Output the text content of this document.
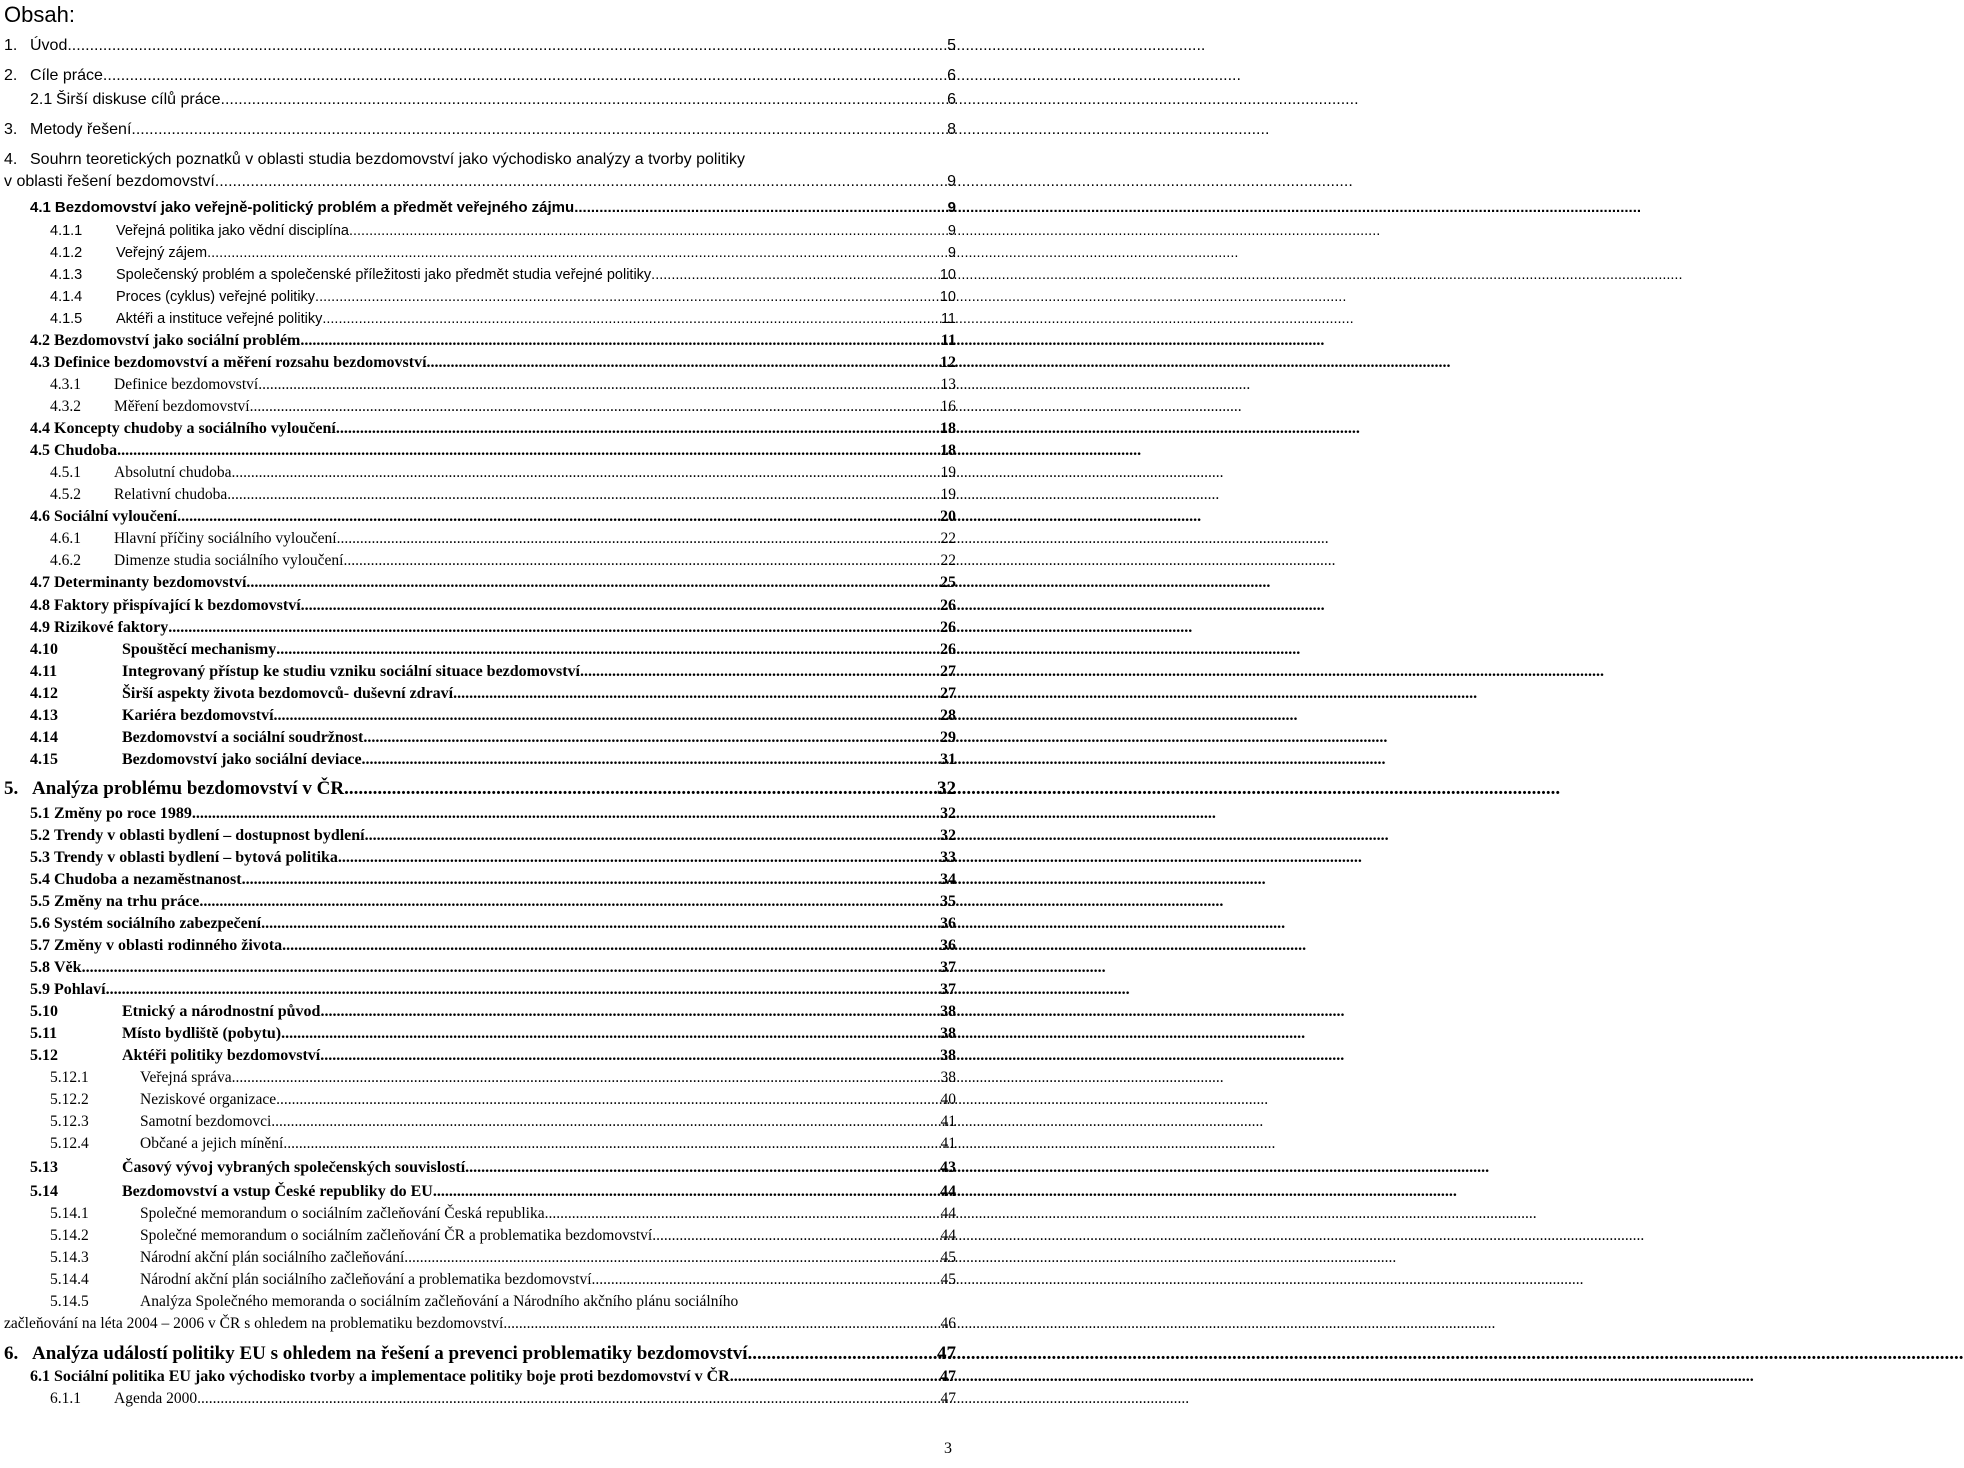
Obsah:
1. Úvod .....	5
2. Cíle práce .....	6
2.1 Širší diskuse cílů práce .....	6
3. Metody řešení .....	8
4. Souhrn teoretických poznatků v oblasti studia bezdomovství jako východisko analýzy a tvorby politiky
v oblasti řešení bezdomovství .....	9
4.1 Bezdomovství jako veřejně-politický problém a předmět veřejného zájmu .....	9
4.1.1	Veřejná politika jako vědní disciplína .....	9
4.1.2	Veřejný zájem .....	9
4.1.3	Společenský problém a společenské příležitosti jako předmět studia veřejné politiky .....	10
4.1.4	Proces (cyklus) veřejné politiky .....	10
4.1.5	Aktéři a instituce veřejné politiky .....	11
4.2 Bezdomovství jako sociální problém .....	11
4.3 Definice bezdomovství a měření rozsahu bezdomovství .....	12
4.3.1	Definice bezdomovství .....	13
4.3.2	Měření bezdomovství .....	16
4.4 Koncepty chudoby a sociálního vyloučení .....	18
4.5 Chudoba .....	18
4.5.1	Absolutní chudoba .....	19
4.5.2	Relativní chudoba .....	19
4.6 Sociální vyloučení .....	20
4.6.1	Hlavní příčiny sociálního vyloučení .....	22
4.6.2	Dimenze studia sociálního vyloučení .....	22
4.7 Determinanty bezdomovství .....	25
4.8 Faktory přispívající k bezdomovství .....	26
4.9 Rizikové faktory .....	26
4.10	Spouštěcí mechanismy .....	26
4.11	Integrovaný přístup ke studiu vzniku sociální situace bezdomovství .....	27
4.12	Širší aspekty života bezdomovců- duševní zdraví .....	27
4.13	Kariéra bezdomovství .....	28
4.14	Bezdomovství a sociální soudržnost .....	29
4.15	Bezdomovství jako sociální deviace .....	31
5. Analýza problému bezdomovství v ČR .....	32
5.1 Změny po roce 1989 .....	32
5.2 Trendy v oblasti bydlení – dostupnost bydlení .....	32
5.3 Trendy v oblasti bydlení – bytová politika .....	33
5.4 Chudoba a nezaměstnanost .....	34
5.5 Změny na trhu práce .....	35
5.6 Systém sociálního zabezpečení .....	36
5.7 Změny v oblasti rodinného života .....	36
5.8 Věk .....	37
5.9 Pohlaví .....	37
5.10	Etnický a národnostní původ .....	38
5.11	Místo bydliště (pobytu) .....	38
5.12	Aktéři politiky bezdomovství .....	38
5.12.1	Veřejná správa .....	38
5.12.2	Neziskové organizace .....	40
5.12.3	Samotní bezdomovci .....	41
5.12.4	Občané a jejich mínění .....	41
5.13	Časový vývoj vybraných společenských souvislostí .....	43
5.14	Bezdomovství a vstup České republiky do EU .....	44
5.14.1	Společné memorandum o sociálním začleňování Česká republika .....	44
5.14.2	Společné memorandum o sociálním začleňování ČR a problematika bezdomovství .....	44
5.14.3	Národní akční plán sociálního začleňování .....	45
5.14.4	Národní akční plán sociálního začleňování a problematika bezdomovství .....	45
5.14.5	Analýza Společného memoranda o sociálním začleňování a Národního akčního plánu sociálního
začleňování na léta 2004 – 2006 v ČR s ohledem na problematiku bezdomovství .....	46
6. Analýza událostí politiky EU s ohledem na řešení a prevenci problematiky bezdomovství .....	47
6.1 Sociální politika EU jako východisko tvorby a implementace politiky boje proti bezdomovství v ČR .....	47
6.1.1	Agenda 2000 .....	47
3
